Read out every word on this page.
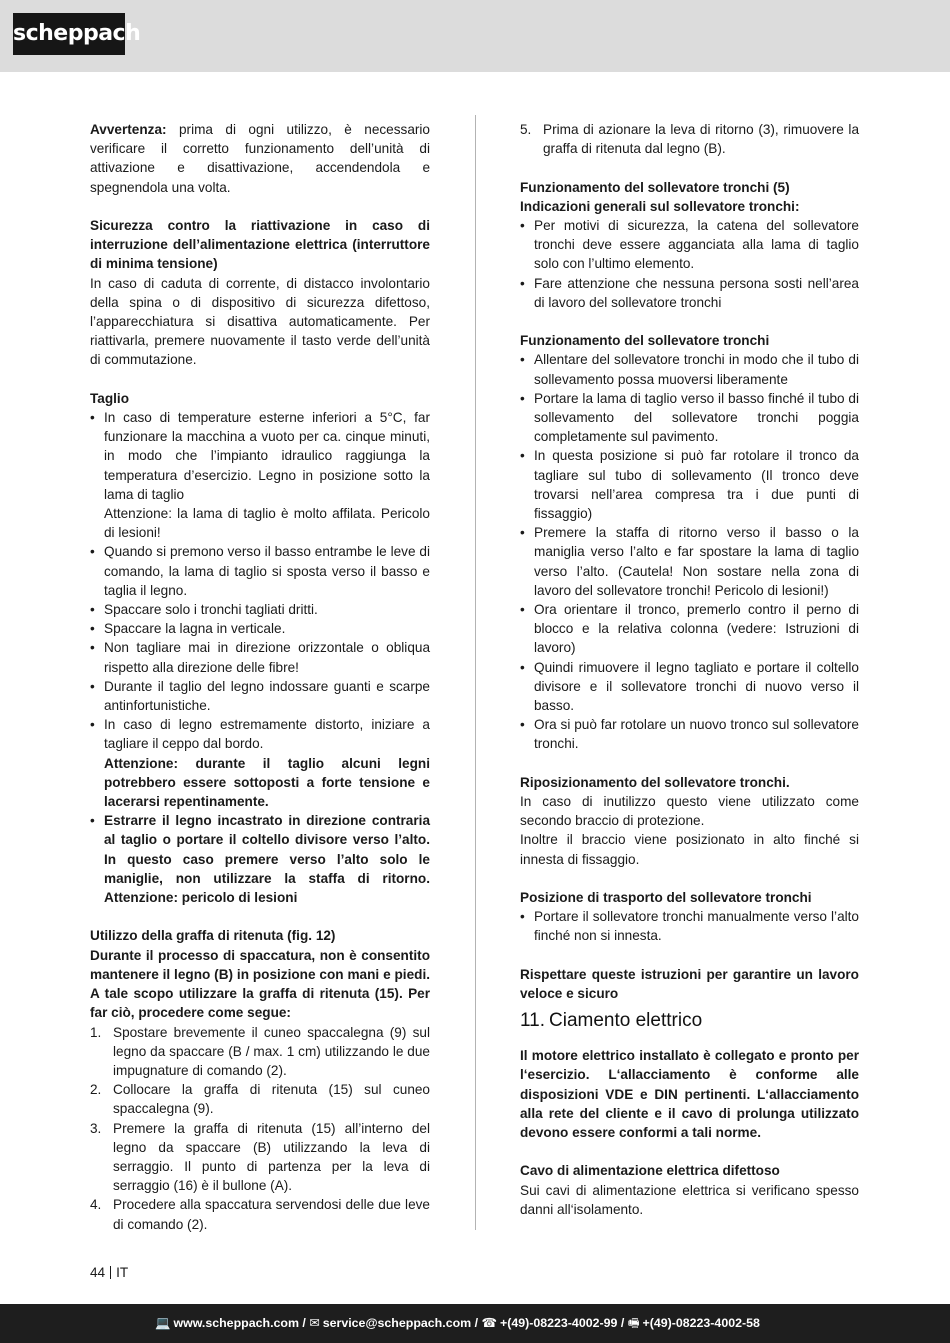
scheppach

Avvertenza: prima di ogni utilizzo, è necessario verificare il corretto funzionamento dell’unità di attivazione e disattivazione, accendendola e spegnendola una volta.

Sicurezza contro la riattivazione in caso di interruzione dell’alimentazione elettrica (interruttore di minima tensione)

In caso di caduta di corrente, di distacco involontario della spina o di dispositivo di sicurezza difettoso, l’apparecchiatura si disattiva automaticamente. Per riattivarla, premere nuovamente il tasto verde dell’unità di commutazione.

Taglio

• In caso di temperature esterne inferiori a 5°C, far funzionare la macchina a vuoto per ca. cinque minuti, in modo che l’impianto idraulico raggiunga la temperatura d’esercizio. Legno in posizione sotto la lama di taglio
Attenzione: la lama di taglio è molto affilata. Pericolo di lesioni!
• Quando si premono verso il basso entrambe le leve di comando, la lama di taglio si sposta verso il basso e taglia il legno.
• Spaccare solo i tronchi tagliati dritti.
• Spaccare la lagna in verticale.
• Non tagliare mai in direzione orizzontale o obliqua rispetto alla direzione delle fibre!
• Durante il taglio del legno indossare guanti e scarpe antinfortunistiche.
• In caso di legno estremamente distorto, iniziare a tagliare il ceppo dal bordo.
Attenzione: durante il taglio alcuni legni potrebbero essere sottoposti a forte tensione e lacerarsi repentinamente.
• Estrarre il legno incastrato in direzione contraria al taglio o portare il coltello divisore verso l’alto. In questo caso premere verso l’alto solo le maniglie, non utilizzare la staffa di ritorno. Attenzione: pericolo di lesioni

Utilizzo della graffa di ritenuta (fig. 12)

Durante il processo di spaccatura, non è consentito mantenere il legno (B) in posizione con mani e piedi. A tale scopo utilizzare la graffa di ritenuta (15). Per far ciò, procedere come segue:

1. Spostare brevemente il cuneo spaccalegna (9) sul legno da spaccare (B / max. 1 cm) utilizzando le due impugnature di comando (2).
2. Collocare la graffa di ritenuta (15) sul cuneo spaccalegna (9).
3. Premere la graffa di ritenuta (15) all’interno del legno da spaccare (B) utilizzando la leva di serraggio. Il punto di partenza per la leva di serraggio (16) è il bullone (A).
4. Procedere alla spaccatura servendosi delle due leve di comando (2).
5. Prima di azionare la leva di ritorno (3), rimuovere la graffa di ritenuta dal legno (B).

Funzionamento del sollevatore tronchi (5)

Indicazioni generali sul sollevatore tronchi:

• Per motivi di sicurezza, la catena del sollevatore tronchi deve essere agganciata alla lama di taglio solo con l’ultimo elemento.
• Fare attenzione che nessuna persona sosti nell’area di lavoro del sollevatore tronchi

Funzionamento del sollevatore tronchi

• Allentare del sollevatore tronchi in modo che il tubo di sollevamento possa muoversi liberamente
• Portare la lama di taglio verso il basso finché il tubo di sollevamento del sollevatore tronchi poggia completamente sul pavimento.
• In questa posizione si può far rotolare il tronco da tagliare sul tubo di sollevamento (Il tronco deve trovarsi nell’area compresa tra i due punti di fissaggio)
• Premere la staffa di ritorno verso il basso o la maniglia verso l’alto e far spostare la lama di taglio verso l’alto. (Cautela! Non sostare nella zona di lavoro del sollevatore tronchi! Pericolo di lesioni!)
• Ora orientare il tronco, premerlo contro il perno di blocco e la relativa colonna (vedere: Istruzioni di lavoro)
• Quindi rimuovere il legno tagliato e portare il coltello divisore e il sollevatore tronchi di nuovo verso il basso.
• Ora si può far rotolare un nuovo tronco sul sollevatore tronchi.

Riposizionamento del sollevatore tronchi.

In caso di inutilizzo questo viene utilizzato come secondo braccio di protezione.

Inoltre il braccio viene posizionato in alto finché si innesta di fissaggio.

Posizione di trasporto del sollevatore tronchi

• Portare il sollevatore tronchi manualmente verso l’alto finché non si innesta.

Rispettare queste istruzioni per garantire un lavoro veloce e sicuro

11. Ciamento elettrico

Il motore elettrico installato è collegato e pronto per l‘esercizio. L‘allacciamento è conforme alle disposizioni VDE e DIN pertinenti. L‘allacciamento alla rete del cliente e il cavo di prolunga utilizzato devono essere conformi a tali norme.

Cavo di alimentazione elettrica difettoso

Sui cavi di alimentazione elettrica si verificano spesso danni all‘isolamento.

44 IT
💻 www.scheppach.com / ✉ service@scheppach.com / ☎ +(49)-08223-4002-99 / 🖷 +(49)-08223-4002-58
